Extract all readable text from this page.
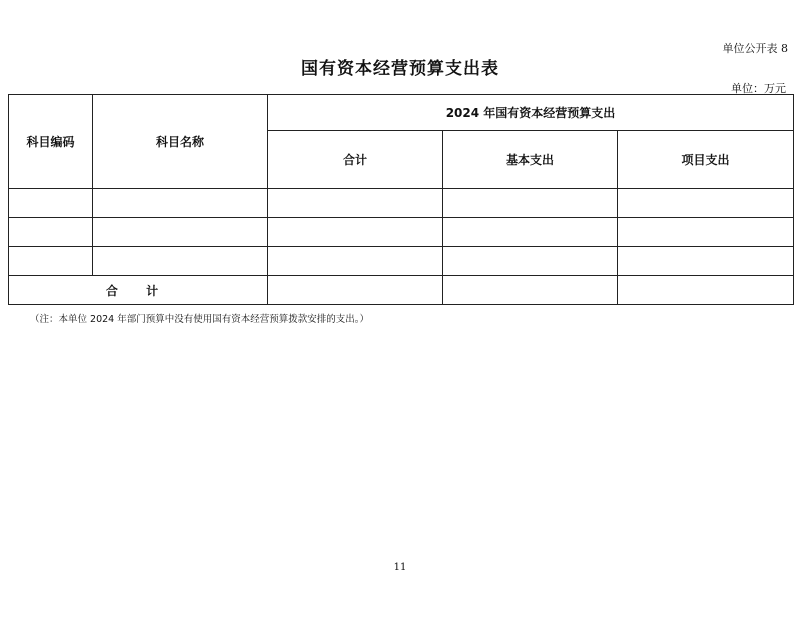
单位公开表 8
国有资本经营预算支出表
单位：万元
科目编码	科目名称	2024 年国有资本经营预算支出		
		合计	基本支出	项目支出

合 计				
（注：本单位 2024 年部门预算中没有使用国有资本经营预算拨款安排的支出。）
11
